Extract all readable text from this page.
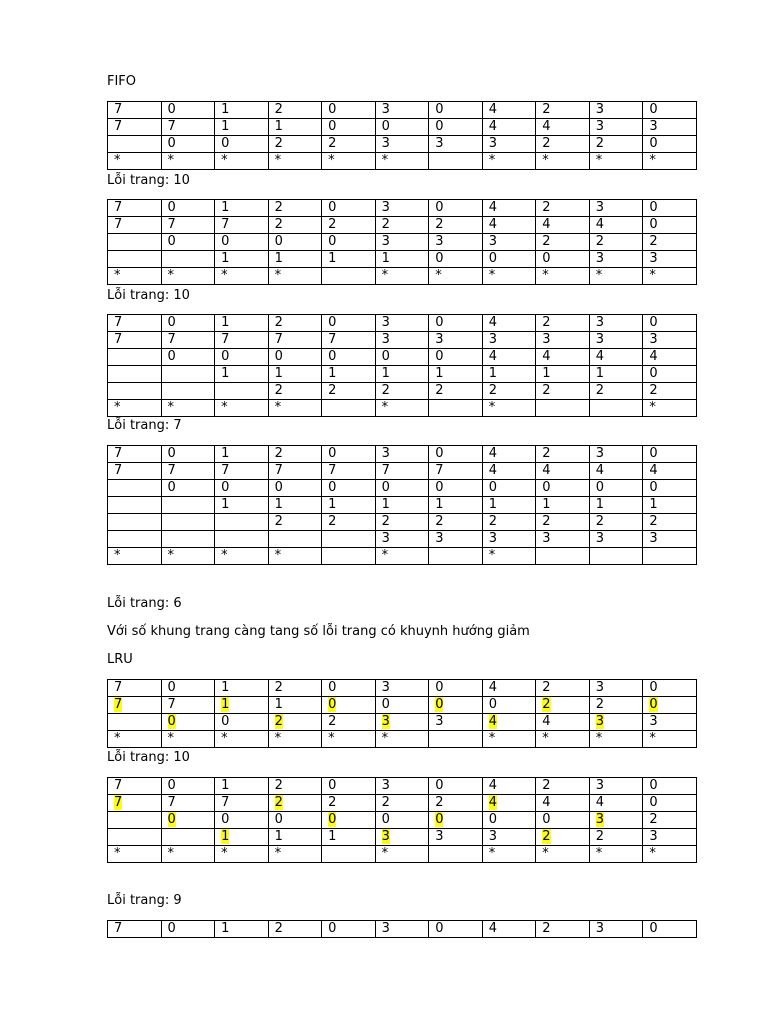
FIFO

7	0	1	2	0	3	0	4	2	3	0
7	7	1	1	0	0	0	4	4	3	3
	0	0	2	2	3	3	3	2	2	0
*	*	*	*	*	*		*	*	*	*

Lỗi trang: 10

7	0	1	2	0	3	0	4	2	3	0
7	7	7	2	2	2	2	4	4	4	0
	0	0	0	0	3	3	3	2	2	2
		1	1	1	1	0	0	0	3	3
*	*	*	*		*	*	*	*	*	*

Lỗi trang: 10

7	0	1	2	0	3	0	4	2	3	0
7	7	7	7	7	3	3	3	3	3	3
	0	0	0	0	0	0	4	4	4	4
		1	1	1	1	1	1	1	1	0
			2	2	2	2	2	2	2	2
*	*	*	*		*		*			*

Lỗi trang: 7

7	0	1	2	0	3	0	4	2	3	0
7	7	7	7	7	7	7	4	4	4	4
	0	0	0	0	0	0	0	0	0	0
		1	1	1	1	1	1	1	1	1
			2	2	2	2	2	2	2	2
					3	3	3	3	3	3
*	*	*	*		*		*			

Lỗi trang: 6

Với số khung trang càng tang số lỗi trang có khuynh hướng giảm

LRU

7	0	1	2	0	3	0	4	2	3	0
7	7	1	1	0	0	0	0	2	2	0
	0	0	2	2	3	3	4	4	3	3
*	*	*	*	*	*		*	*	*	*

Lỗi trang: 10

7	0	1	2	0	3	0	4	2	3	0
7	7	7	2	2	2	2	4	4	4	0
	0	0	0	0	0	0	0	0	3	2
		1	1	1	3	3	3	2	2	3
*	*	*	*		*		*	*	*	*

Lỗi trang: 9

7	0	1	2	0	3	0	4	2	3	0
